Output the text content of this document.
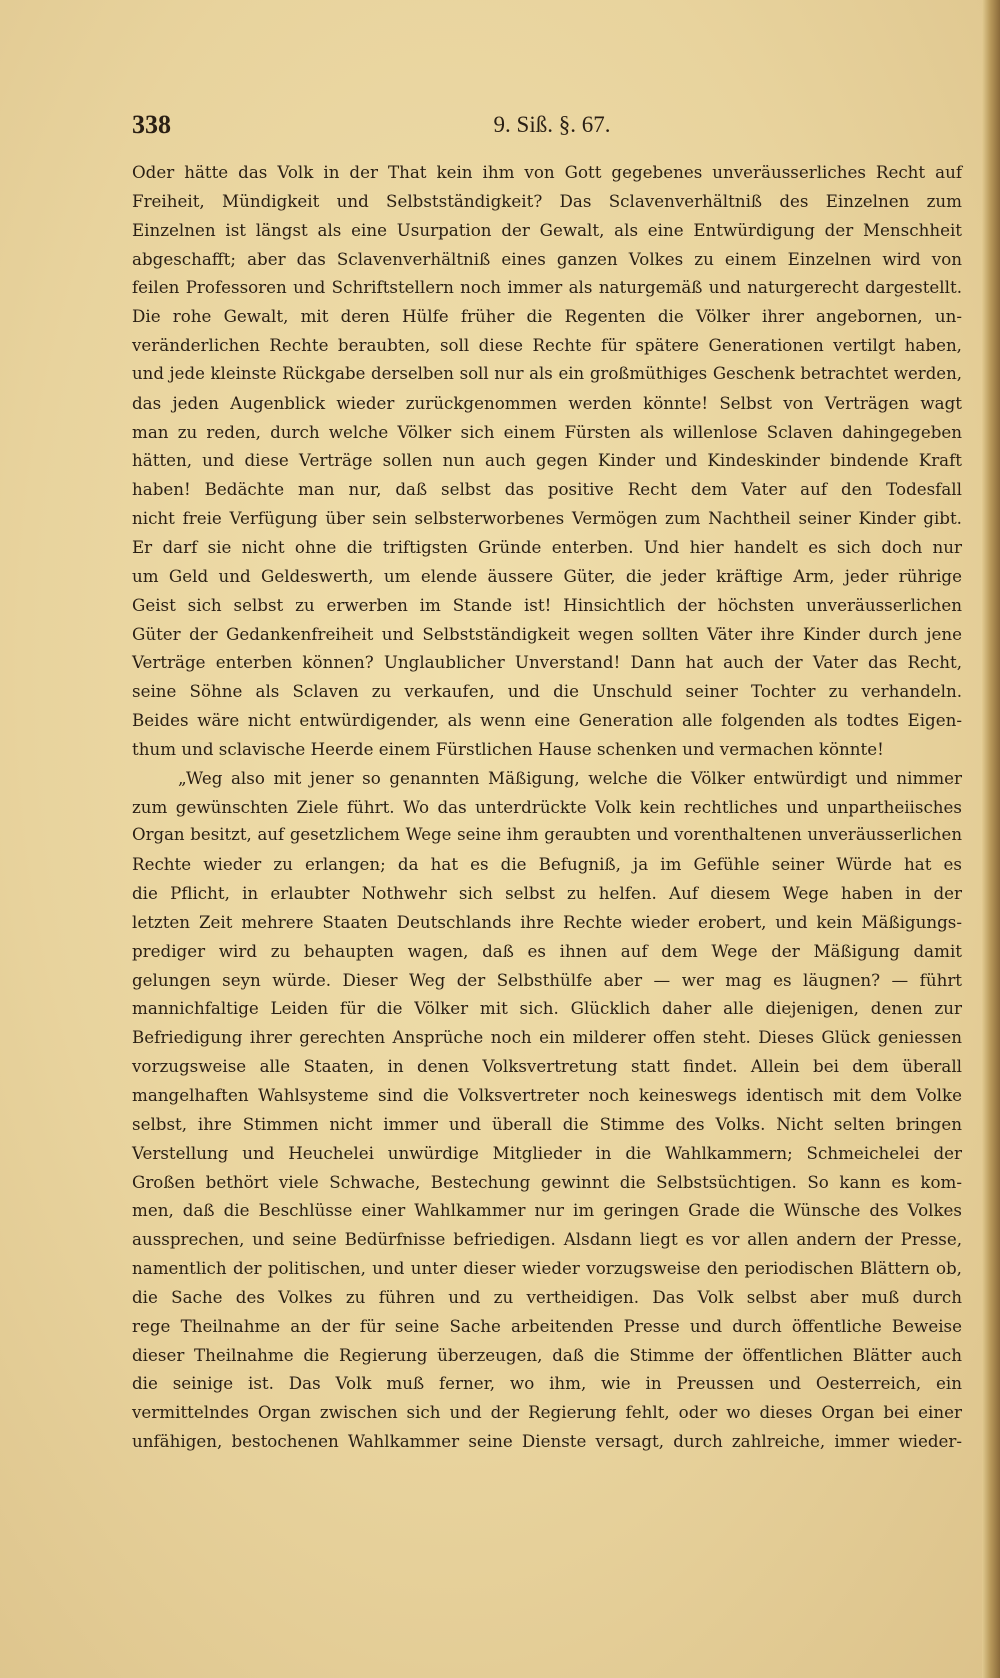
338	9. Siß. §. 67.
Oder hätte das Volk in der That kein ihm von Gott gegebenes unveräusserliches Recht auf
Freiheit, Mündigkeit und Selbstständigkeit? Das Sclavenverhältniß des Einzelnen zum
Einzelnen ist längst als eine Usurpation der Gewalt, als eine Entwürdigung der Menschheit
abgeschafft; aber das Sclavenverhältniß eines ganzen Volkes zu einem Einzelnen wird von
feilen Professoren und Schriftstellern noch immer als naturgemäß und naturgerecht dargestellt.
Die rohe Gewalt, mit deren Hülfe früher die Regenten die Völker ihrer angebornen, un-
veränderlichen Rechte beraubten, soll diese Rechte für spätere Generationen vertilgt haben,
und jede kleinste Rückgabe derselben soll nur als ein großmüthiges Geschenk betrachtet werden,
das jeden Augenblick wieder zurückgenommen werden könnte! Selbst von Verträgen wagt
man zu reden, durch welche Völker sich einem Fürsten als willenlose Sclaven dahingegeben
hätten, und diese Verträge sollen nun auch gegen Kinder und Kindeskinder bindende Kraft
haben! Bedächte man nur, daß selbst das positive Recht dem Vater auf den Todesfall
nicht freie Verfügung über sein selbsterworbenes Vermögen zum Nachtheil seiner Kinder gibt.
Er darf sie nicht ohne die triftigsten Gründe enterben. Und hier handelt es sich doch nur
um Geld und Geldeswerth, um elende äussere Güter, die jeder kräftige Arm, jeder rührige
Geist sich selbst zu erwerben im Stande ist! Hinsichtlich der höchsten unveräusserlichen
Güter der Gedankenfreiheit und Selbstständigkeit wegen sollten Väter ihre Kinder durch jene
Verträge enterben können? Unglaublicher Unverstand! Dann hat auch der Vater das Recht,
seine Söhne als Sclaven zu verkaufen, und die Unschuld seiner Tochter zu verhandeln.
Beides wäre nicht entwürdigender, als wenn eine Generation alle folgenden als todtes Eigen-
thum und sclavische Heerde einem Fürstlichen Hause schenken und vermachen könnte!
„Weg also mit jener so genannten Mäßigung, welche die Völker entwürdigt und nimmer
zum gewünschten Ziele führt. Wo das unterdrückte Volk kein rechtliches und unpartheiisches
Organ besitzt, auf gesetzlichem Wege seine ihm geraubten und vorenthaltenen unveräusserlichen
Rechte wieder zu erlangen; da hat es die Befugniß, ja im Gefühle seiner Würde hat es
die Pflicht, in erlaubter Nothwehr sich selbst zu helfen. Auf diesem Wege haben in der
letzten Zeit mehrere Staaten Deutschlands ihre Rechte wieder erobert, und kein Mäßigungs-
prediger wird zu behaupten wagen, daß es ihnen auf dem Wege der Mäßigung damit
gelungen seyn würde. Dieser Weg der Selbsthülfe aber — wer mag es läugnen? — führt
mannichfaltige Leiden für die Völker mit sich. Glücklich daher alle diejenigen, denen zur
Befriedigung ihrer gerechten Ansprüche noch ein milderer offen steht. Dieses Glück geniessen
vorzugsweise alle Staaten, in denen Volksvertretung statt findet. Allein bei dem überall
mangelhaften Wahlsysteme sind die Volksvertreter noch keineswegs identisch mit dem Volke
selbst, ihre Stimmen nicht immer und überall die Stimme des Volks. Nicht selten bringen
Verstellung und Heuchelei unwürdige Mitglieder in die Wahlkammern; Schmeichelei der
Großen bethört viele Schwache, Bestechung gewinnt die Selbstsüchtigen. So kann es kom-
men, daß die Beschlüsse einer Wahlkammer nur im geringen Grade die Wünsche des Volkes
aussprechen, und seine Bedürfnisse befriedigen. Alsdann liegt es vor allen andern der Presse,
namentlich der politischen, und unter dieser wieder vorzugsweise den periodischen Blättern ob,
die Sache des Volkes zu führen und zu vertheidigen. Das Volk selbst aber muß durch
rege Theilnahme an der für seine Sache arbeitenden Presse und durch öffentliche Beweise
dieser Theilnahme die Regierung überzeugen, daß die Stimme der öffentlichen Blätter auch
die seinige ist. Das Volk muß ferner, wo ihm, wie in Preussen und Oesterreich, ein
vermittelndes Organ zwischen sich und der Regierung fehlt, oder wo dieses Organ bei einer
unfähigen, bestochenen Wahlkammer seine Dienste versagt, durch zahlreiche, immer wieder-
